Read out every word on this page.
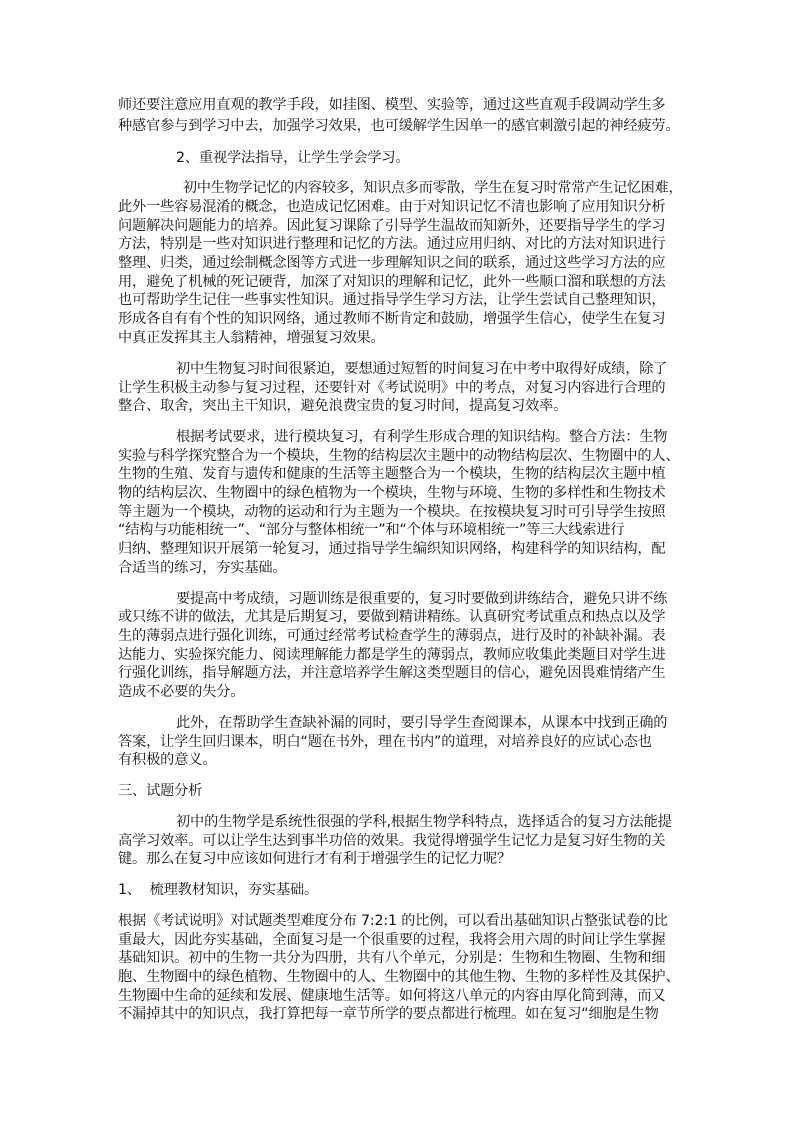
师还要注意应用直观的教学手段，如挂图、模型、实验等，通过这些直观手段调动学生多
种感官参与到学习中去，加强学习效果，也可缓解学生因单一的感官刺激引起的神经疲劳。
2、重视学法指导，让学生学会学习。
初中生物学记忆的内容较多，知识点多而零散，学生在复习时常常产生记忆困难，
此外一些容易混淆的概念，也造成记忆困难。由于对知识记忆不清也影响了应用知识分析
问题解决问题能力的培养。因此复习课除了引导学生温故而知新外，还要指导学生的学习
方法，特别是一些对知识进行整理和记忆的方法。通过应用归纳、对比的方法对知识进行
整理、归类，通过绘制概念图等方式进一步理解知识之间的联系，通过这些学习方法的应
用，避免了机械的死记硬背，加深了对知识的理解和记忆，此外一些顺口溜和联想的方法
也可帮助学生记住一些事实性知识。通过指导学生学习方法，让学生尝试自己整理知识，
形成各自有有个性的知识网络，通过教师不断肯定和鼓励，增强学生信心，使学生在复习
中真正发挥其主人翁精神，增强复习效果。
初中生物复习时间很紧迫，要想通过短暂的时间复习在中考中取得好成绩，除了
让学生积极主动参与复习过程，还要针对《考试说明》中的考点，对复习内容进行合理的
整合、取舍，突出主干知识，避免浪费宝贵的复习时间，提高复习效率。
根据考试要求，进行模块复习，有利学生形成合理的知识结构。整合方法：生物
实验与科学探究整合为一个模块，生物的结构层次主题中的动物结构层次、生物圈中的人、
生物的生殖、发育与遗传和健康的生活等主题整合为一个模块，生物的结构层次主题中植
物的结构层次、生物圈中的绿色植物为一个模块，生物与环境、生物的多样性和生物技术
等主题为一个模块，动物的运动和行为主题为一个模块。在按模块复习时可引导学生按照
“结构与功能相统一”、“部分与整体相统一”和“个体与环境相统一”等三大线索进行
归纳、整理知识开展第一轮复习，通过指导学生编织知识网络，构建科学的知识结构，配
合适当的练习，夯实基础。
要提高中考成绩，习题训练是很重要的，复习时要做到讲练结合，避免只讲不练
或只练不讲的做法，尤其是后期复习，要做到精讲精练。认真研究考试重点和热点以及学
生的薄弱点进行强化训练，可通过经常考试检查学生的薄弱点，进行及时的补缺补漏。表
达能力、实验探究能力、阅读理解能力都是学生的薄弱点，教师应收集此类题目对学生进
行强化训练，指导解题方法，并注意培养学生解这类型题目的信心，避免因畏难情绪产生
造成不必要的失分。
此外，在帮助学生查缺补漏的同时，要引导学生查阅课本，从课本中找到正确的
答案，让学生回归课本，明白“题在书外，理在书内”的道理，对培养良好的应试心态也
有积极的意义。
三、试题分析
初中的生物学是系统性很强的学科,根据生物学科特点，选择适合的复习方法能提
高学习效率。可以让学生达到事半功倍的效果。我觉得增强学生记忆力是复习好生物的关
键。那么在复习中应该如何进行才有利于增强学生的记忆力呢？
1、  梳理教材知识，夯实基础。
根据《考试说明》对试题类型难度分布 7:2:1 的比例，可以看出基础知识占整张试卷的比
重最大，因此夯实基础，全面复习是一个很重要的过程，我将会用六周的时间让学生掌握
基础知识。初中的生物一共分为四册，共有八个单元，分别是：生物和生物圈、生物和细
胞、生物圈中的绿色植物、生物圈中的人、生物圈中的其他生物、生物的多样性及其保护、
生物圈中生命的延续和发展、健康地生活等。如何将这八单元的内容由厚化简到薄，而又
不漏掉其中的知识点，我打算把每一章节所学的要点都进行梳理。如在复习“细胞是生物
